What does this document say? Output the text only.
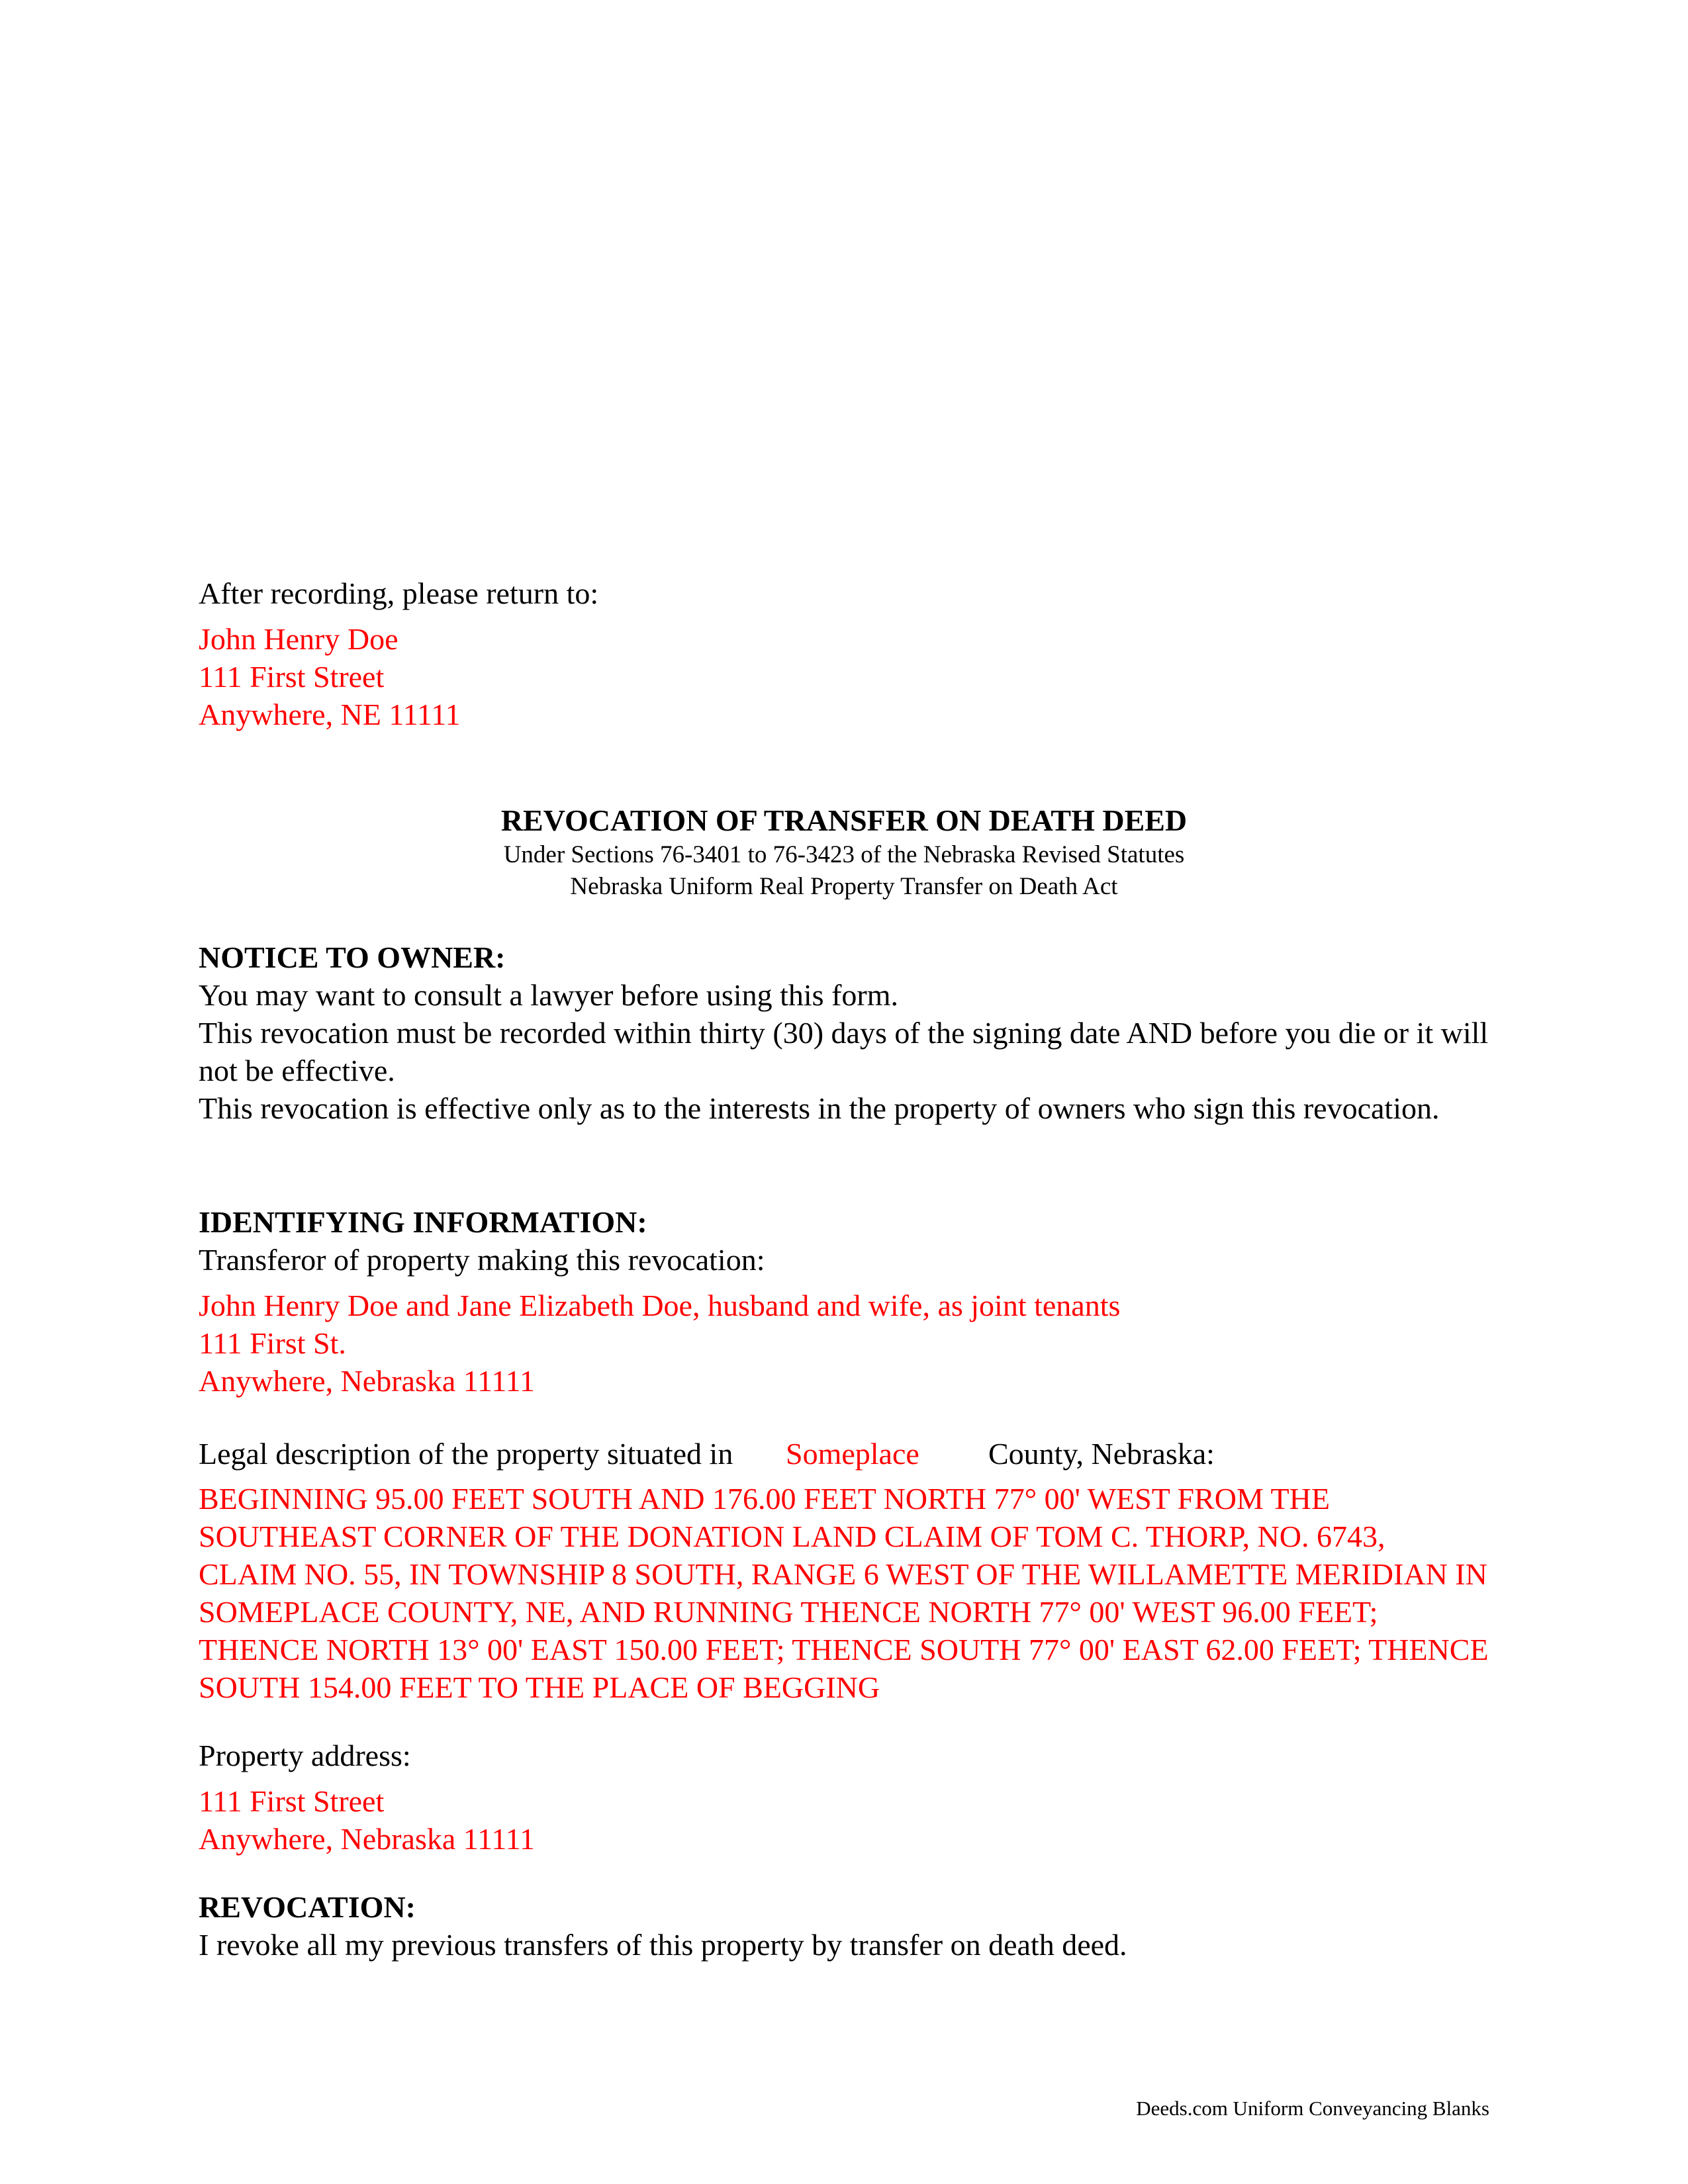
After recording, please return to:
John Henry Doe
111 First Street
Anywhere, NE 11111
REVOCATION OF TRANSFER ON DEATH DEED
Under Sections 76-3401 to 76-3423 of the Nebraska Revised Statutes
Nebraska Uniform Real Property Transfer on Death Act
NOTICE TO OWNER:
You may want to consult a lawyer before using this form.
This revocation must be recorded within thirty (30) days of the signing date AND before you die or it will not be effective.
This revocation is effective only as to the interests in the property of owners who sign this revocation.
IDENTIFYING INFORMATION:
Transferor of property making this revocation:
John Henry Doe and Jane Elizabeth Doe, husband and wife, as joint tenants
111 First St.
Anywhere, Nebraska 11111
Legal description of the property situated in Someplace County, Nebraska:
BEGINNING 95.00 FEET SOUTH AND 176.00 FEET NORTH 77° 00' WEST FROM THE SOUTHEAST CORNER OF THE DONATION LAND CLAIM OF TOM C. THORP, NO. 6743, CLAIM NO. 55, IN TOWNSHIP 8 SOUTH, RANGE 6 WEST OF THE WILLAMETTE MERIDIAN IN SOMEPLACE COUNTY, NE, AND RUNNING THENCE NORTH 77° 00' WEST 96.00 FEET; THENCE NORTH 13° 00' EAST 150.00 FEET; THENCE SOUTH 77° 00' EAST 62.00 FEET; THENCE SOUTH 154.00 FEET TO THE PLACE OF BEGGING
Property address:
111 First Street
Anywhere, Nebraska 11111
REVOCATION:
I revoke all my previous transfers of this property by transfer on death deed.
Deeds.com Uniform Conveyancing Blanks
